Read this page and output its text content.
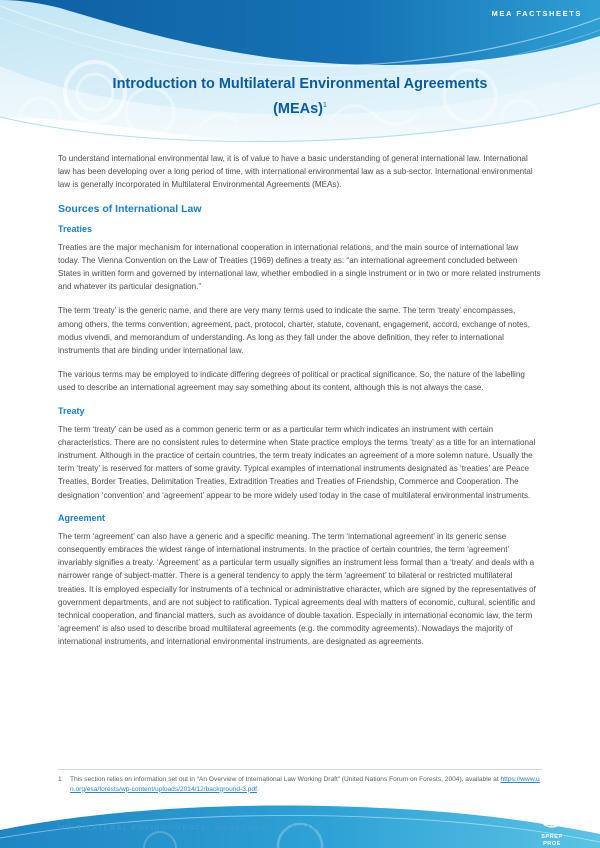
MEA FACTSHEETS
Introduction to Multilateral Environmental Agreements
(MEAs)$^1$

To understand international environmental law, it is of value to have a basic understanding of general international law. International law has been developing over a long period of time, with international environmental law as a sub-sector. International environmental law is generally incorporated in Multilateral Environmental Agreements (MEAs).

Sources of International Law
Treaties

Treaties are the major mechanism for international cooperation in international relations, and the main source of international law today. The Vienna Convention on the Law of Treaties (1969) defines a treaty as: “an international agreement concluded between States in written form and governed by international law, whether embodied in a single instrument or in two or more related instruments and whatever its particular designation.”

The term ‘treaty’ is the generic name, and there are very many terms used to indicate the same. The term ‘treaty’ encompasses, among others, the terms convention, agreement, pact, protocol, charter, statute, covenant, engagement, accord, exchange of notes, modus vivendi, and memorandum of understanding. As long as they fall under the above definition, they refer to international instruments that are binding under international law.

The various terms may be employed to indicate differing degrees of political or practical significance. So, the nature of the labelling used to describe an international agreement may say something about its content, although this is not always the case.

Treaty

The term ‘treaty’ can be used as a common generic term or as a particular term which indicates an instrument with certain characteristics. There are no consistent rules to determine when State practice employs the terms ‘treaty’ as a title for an international instrument. Although in the practice of certain countries, the term treaty indicates an agreement of a more solemn nature. Usually the term ‘treaty’ is reserved for matters of some gravity. Typical examples of international instruments designated as ‘treaties’ are Peace Treaties, Border Treaties, Delimitation Treaties, Extradition Treaties and Treaties of Friendship, Commerce and Cooperation. The designation ‘convention’ and ‘agreement’ appear to be more widely used today in the case of multilateral environmental instruments.

Agreement

The term ‘agreement’ can also have a generic and a specific meaning. The term ‘international agreement’ in its generic sense consequently embraces the widest range of international instruments. In the practice of certain countries, the term ‘agreement’ invariably signifies a treaty. ‘Agreement’ as a particular term usually signifies an instrument less formal than a ‘treaty’ and deals with a narrower range of subject-matter. There is a general tendency to apply the term ‘agreement’ to bilateral or restricted multilateral treaties. It is employed especially for instruments of a technical or administrative character, which are signed by the representatives of government departments, and are not subject to ratification. Typical agreements deal with matters of economic, cultural, scientific and technical cooperation, and financial matters, such as avoidance of double taxation. Especially in international economic law, the term ‘agreement’ is also used to describe broad multilateral agreements (e.g. the commodity agreements). Nowadays the majority of international instruments, and international environmental instruments, are designated as agreements.

1	This section relies on information set out in “An Overview of International Law Working Draft” (United Nations Forum on Forests, 2004), available at https://www.un.org/esa/forests/wp-content/uploads/2014/12/background-3.pdf.
MULTILATERAL ENVIRONMENTAL AGREEMENTS • MEAs
SPREP
PROE
